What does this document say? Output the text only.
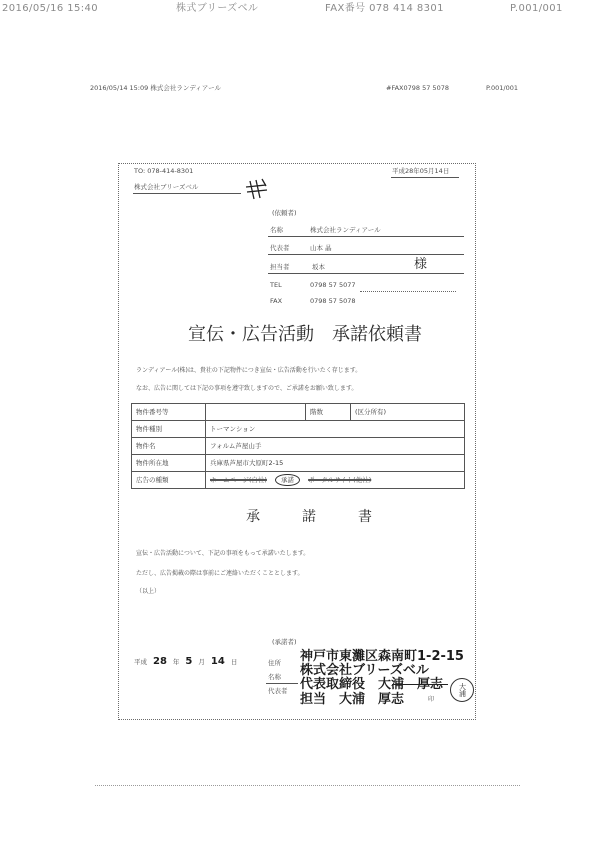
2016/05/16 15:40	株式ブリーズベル	FAX番号 078 414 8301	P.001/001
2016/05/14 15:09 株式会社ランディアール	#FAX0798 57 5078	P.001/001
TO: 078-414-8301
株式会社ブリーズベル
平成28年05月14日
(依頼者)
名称	株式会社ランディアール
代表者	山本 晶
担当者	坂本	様
TEL	0798 57 5077
FAX	0798 57 5078
宣伝・広告活動　承諾依頼書
ランディアール(株)は、貴社の下記物件につき宣伝・広告活動を行いたく存じます。
なお、広告に関しては下記の事項を遵守致しますので、ご承諾をお願い致します。
物件番号等		階数	(区分所有)
物件種別	トーマンション		
物件名	フォルム芦屋山手		
物件所在地	兵庫県芦屋市大原町2-15		
広告の種類	ホームページ(自社) 承諾 ポータルサイト(他社)		
承　諾　書
宣伝・広告活動について、下記の事項をもって承諾いたします。
ただし、広告掲載の際は事前にご連絡いただくこととします。
（以上）
(承諾者)
平成 28 年 5 月 14 日	住所 神戸市東灘区森南町1-2-15
名称 株式会社ブリーズベル
代表者 代表取締役　大浦　厚志
担当　大浦　厚志	印
大浦
